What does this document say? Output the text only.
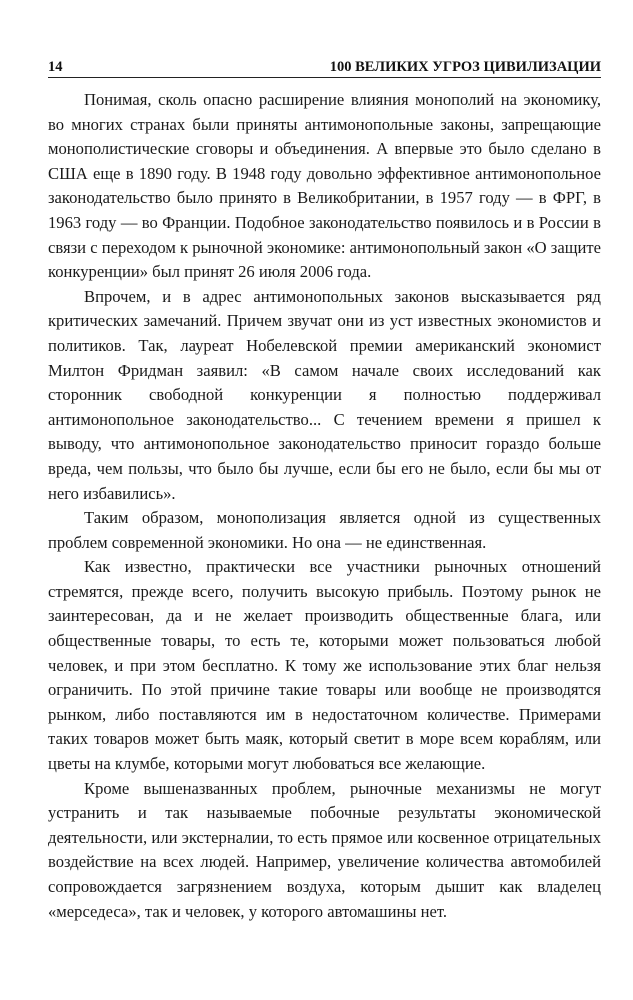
14	100 ВЕЛИКИХ УГРОЗ ЦИВИЛИЗАЦИИ

Понимая, сколь опасно расширение влияния монополий на экономику, во многих странах были приняты антимонопольные законы, запрещающие монополистические сговоры и объединения. А впервые это было сделано в США еще в 1890 году. В 1948 году довольно эффективное антимонопольное законодательство было принято в Великобритании, в 1957 году — в ФРГ, в 1963 году — во Франции. Подобное законодательство появилось и в России в связи с переходом к рыночной экономике: антимонопольный закон «О защите конкуренции» был принят 26 июля 2006 года.

Впрочем, и в адрес антимонопольных законов высказывается ряд критических замечаний. Причем звучат они из уст известных экономистов и политиков. Так, лауреат Нобелевской премии американский экономист Милтон Фридман заявил: «В самом начале своих исследований как сторонник свободной конкуренции я полностью поддерживал антимонопольное законодательство... С течением времени я пришел к выводу, что антимонопольное законодательство приносит гораздо больше вреда, чем пользы, что было бы лучше, если бы его не было, если бы мы от него избавились».

Таким образом, монополизация является одной из существенных проблем современной экономики. Но она — не единственная.

Как известно, практически все участники рыночных отношений стремятся, прежде всего, получить высокую прибыль. Поэтому рынок не заинтересован, да и не желает производить общественные блага, или общественные товары, то есть те, которыми может пользоваться любой человек, и при этом бесплатно. К тому же использование этих благ нельзя ограничить. По этой причине такие товары или вообще не производятся рынком, либо поставляются им в недостаточном количестве. Примерами таких товаров может быть маяк, который светит в море всем кораблям, или цветы на клумбе, которыми могут любоваться все желающие.

Кроме вышеназванных проблем, рыночные механизмы не могут устранить и так называемые побочные результаты экономической деятельности, или экстерналии, то есть прямое или косвенное отрицательных воздействие на всех людей. Например, увеличение количества автомобилей сопровождается загрязнением воздуха, которым дышит как владелец «мерседеса», так и человек, у которого автомашины нет.
